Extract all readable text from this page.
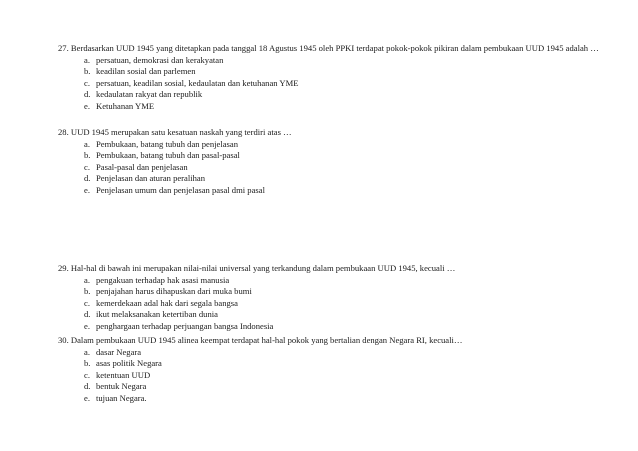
27. Berdasarkan UUD 1945 yang ditetapkan pada tanggal 18 Agustus 1945 oleh PPKI terdapat pokok-pokok pikiran dalam pembukaan UUD 1945 adalah …
a. persatuan, demokrasi dan kerakyatan
b. keadilan sosial dan parlemen
c. persatuan, keadilan sosial, kedaulatan dan ketuhanan YME
d. kedaulatan rakyat dan republik
e. Ketuhanan YME
28. UUD 1945 merupakan satu kesatuan naskah yang terdiri atas …
a. Pembukaan, batang tubuh dan penjelasan
b. Pembukaan, batang tubuh dan pasal-pasal
c. Pasal-pasal dan penjelasan
d. Penjelasan dan aturan peralihan
e. Penjelasan umum dan penjelasan pasal dmi pasal
29. Hal-hal di bawah ini merupakan nilai-nilai universal yang terkandung dalam pembukaan UUD 1945, kecuali …
a. pengakuan terhadap hak asasi manusia
b. penjajahan harus dihapuskan dari muka bumi
c. kemerdekaan adal hak dari segala bangsa
d. ikut melaksanakan ketertiban dunia
e. penghargaan terhadap perjuangan bangsa Indonesia
30. Dalam pembukaan UUD 1945 alinea keempat terdapat hal-hal pokok yang bertalian dengan Negara RI, kecuali…
a. dasar Negara
b. asas politik Negara
c. ketentuan UUD
d. bentuk Negara
e. tujuan Negara.
